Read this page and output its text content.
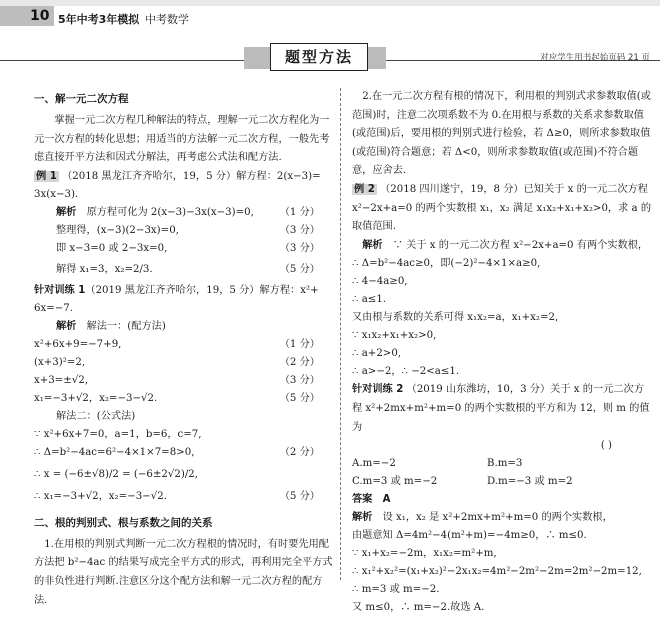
10 5年中考3年模拟 中考数学
题型方法	对应学生用书起始页码 21 页
一、解一元二次方程
掌握一元二次方程几种解法的特点，理解一元二次方程化为一元一次方程的转化思想；用适当的方法解一元二次方程，一般先考虑直接开平方法和因式分解法，再考虑公式法和配方法.
例 1 （2018 黑龙江齐齐哈尔，19，5 分）解方程：2(x−3)=
3x(x−3).
解析　 原方程可化为 2(x−3)−3x(x−3)=0,	（1 分）
整理得，(x−3)(2−3x)=0,	（3 分）
即 x−3=0 或 2−3x=0,	（3 分）
解得 x₁=3，x₂=2/3.	（5 分）
针对训练 1（2019 黑龙江齐齐哈尔，19，5 分）解方程：x²+
6x=−7.
解析　 解法一：(配方法)
x²+6x+9=−7+9,	（1 分）
(x+3)²=2,	（2 分）
x+3=±√2,	（3 分）
x₁=−3+√2，x₂=−3−√2.	（5 分）
解法二：(公式法)
∵ x²+6x+7=0，a=1，b=6，c=7,
∴ Δ=b²−4ac=6²−4×1×7=8>0,	（2 分）
∴ x = (−6±√8)/2 = (−6±2√2)/2,
∴ x₁=−3+√2，x₂=−3−√2.	（5 分）
二、根的判别式、根与系数之间的关系
1.在用根的判别式判断一元二次方程根的情况时，有时要先用配方法把 b²−4ac 的结果写成完全平方式的形式，再利用完全平方式的非负性进行判断.注意区分这个配方法和解一元二次方程的配方法.
2.在一元二次方程有根的情况下，利用根的判别式求参数取值(或范围)时，注意二次项系数不为 0.在用根与系数的关系求参数取值(或范围)后，要用根的判别式进行检验，若 Δ≥0，则所求参数取值(或范围)符合题意；若 Δ<0，则所求参数取值(或范围)不符合题意，应舍去.
例 2 （2018 四川遂宁，19，8 分）已知关于 x 的一元二次方程 x²−2x+a=0 的两个实数根 x₁，x₂ 满足 x₁x₂+x₁+x₂>0，求 a 的取值范围.
解析　 ∵ 关于 x 的一元二次方程 x²−2x+a=0 有两个实数根，
∴ Δ=b²−4ac≥0，即(−2)²−4×1×a≥0,
∴ 4−4a≥0,
∴ a≤1.
又由根与系数的关系可得 x₁x₂=a，x₁+x₂=2,
∵ x₁x₂+x₁+x₂>0,
∴ a+2>0,
∴ a>−2，∴ −2<a≤1.
针对训练 2 （2019 山东潍坊，10，3 分）关于 x 的一元二次方程 x²+2mx+m²+m=0 的两个实数根的平方和为 12，则 m 的值为
( )
A.m=−2	B.m=3
C.m=3 或 m=−2	D.m=−3 或 m=2
答案　 A
解析　 设 x₁，x₂ 是 x²+2mx+m²+m=0 的两个实数根，
由题意知 Δ=4m²−4(m²+m)=−4m≥0，∴ m≤0.
∵ x₁+x₂=−2m，x₁x₂=m²+m,
∴ x₁²+x₂²=(x₁+x₂)²−2x₁x₂=4m²−2m²−2m=2m²−2m=12,
∴ m=3 或 m=−2.
又 m≤0，∴ m=−2.故选 A.
